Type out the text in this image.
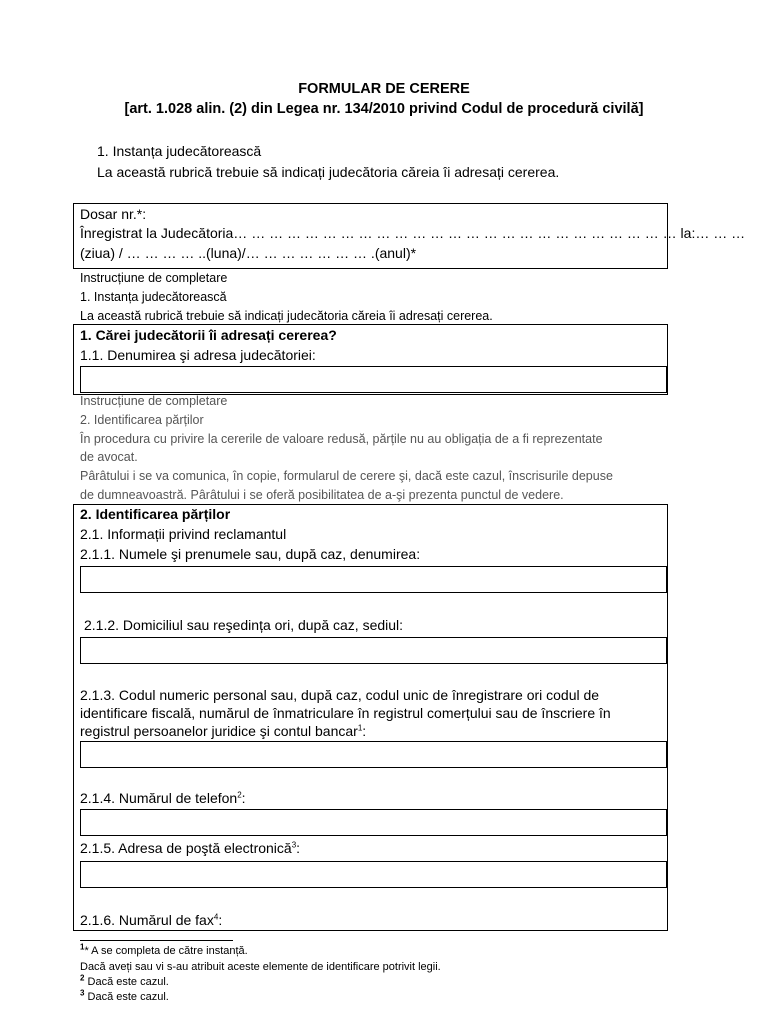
FORMULAR DE CERERE
[art. 1.028 alin. (2) din Legea nr. 134/2010 privind Codul de procedură civilă]
1. Instanța judecătorească
La această rubrică trebuie să indicați judecătoria căreia îi adresați cererea.
Dosar nr.*:
Înregistrat la Judecătoria… … … … … … … … … … … … … … … … … … … … … … … … … la:… … …
(ziua) / … … … … ..(luna)/… … … … … … … .(anul)*
Instrucțiune de completare
1. Instanța judecătorească
La această rubrică trebuie să indicați judecătoria căreia îi adresați cererea.
1. Cărei judecătorii îi adresați cererea?
1.1. Denumirea şi adresa judecătoriei:
Instrucțiune de completare
2. Identificarea părților
În procedura cu privire la cererile de valoare redusă, părțile nu au obligația de a fi reprezentate
de avocat.
Pârâtului i se va comunica, în copie, formularul de cerere şi, dacă este cazul, înscrisurile depuse
de dumneavoastră. Pârâtului i se oferă posibilitatea de a-şi prezenta punctul de vedere.
2. Identificarea părților
2.1. Informații privind reclamantul
2.1.1. Numele şi prenumele sau, după caz, denumirea:
2.1.2. Domiciliul sau reşedința ori, după caz, sediul:
2.1.3. Codul numeric personal sau, după caz, codul unic de înregistrare ori codul de
identificare fiscală, numărul de înmatriculare în registrul comerțului sau de înscriere în
registrul persoanelor juridice şi contul bancar$^1$:
2.1.4. Numărul de telefon$^2$:
2.1.5. Adresa de poştă electronică$^3$:
2.1.6. Numărul de fax$^4$:
$^1$* A se completa de către instanță.
Dacă aveți sau vi s-au atribuit aceste elemente de identificare potrivit legii.
$^2$ Dacă este cazul.
$^3$ Dacă este cazul.
